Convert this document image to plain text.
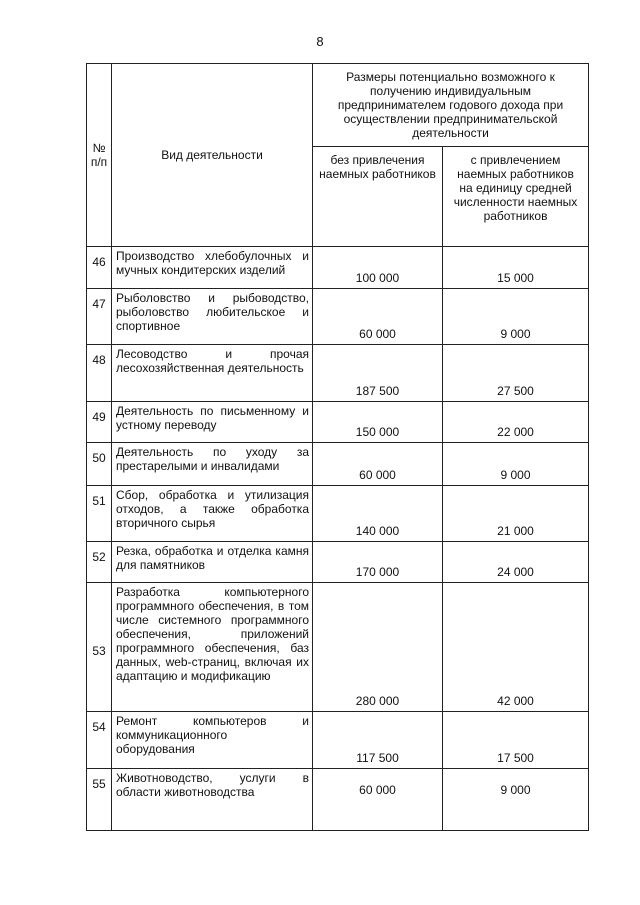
8
№ п/п	Вид деятельности	Размеры потенциально возможного к получению индивидуальным предпринимателем годового дохода при осуществлении предпринимательской деятельности	
		без привлечения наемных работников	с привлечением наемных работников на единицу средней численности наемных работников
46	Производство хлебобулочных и мучных кондитерских изделий	100 000	15 000
47	Рыболовство и рыбоводство, рыболовство любительское и спортивное	60 000	9 000
48	Лесоводство и прочая лесохозяйственная деятельность	187 500	27 500
49	Деятельность по письменному и устному переводу	150 000	22 000
50	Деятельность по уходу за престарелыми и инвалидами	60 000	9 000
51	Сбор, обработка и утилизация отходов, а также обработка вторичного сырья	140 000	21 000
52	Резка, обработка и отделка камня для памятников	170 000	24 000
53	Разработка компьютерного программного обеспечения, в том числе системного программного обеспечения, приложений программного обеспечения, баз данных, web-страниц, включая их адаптацию и модификацию	280 000	42 000
54	Ремонт компьютеров и коммуникационного оборудования	117 500	17 500
55	Животноводство, услуги в области животноводства	60 000	9 000
